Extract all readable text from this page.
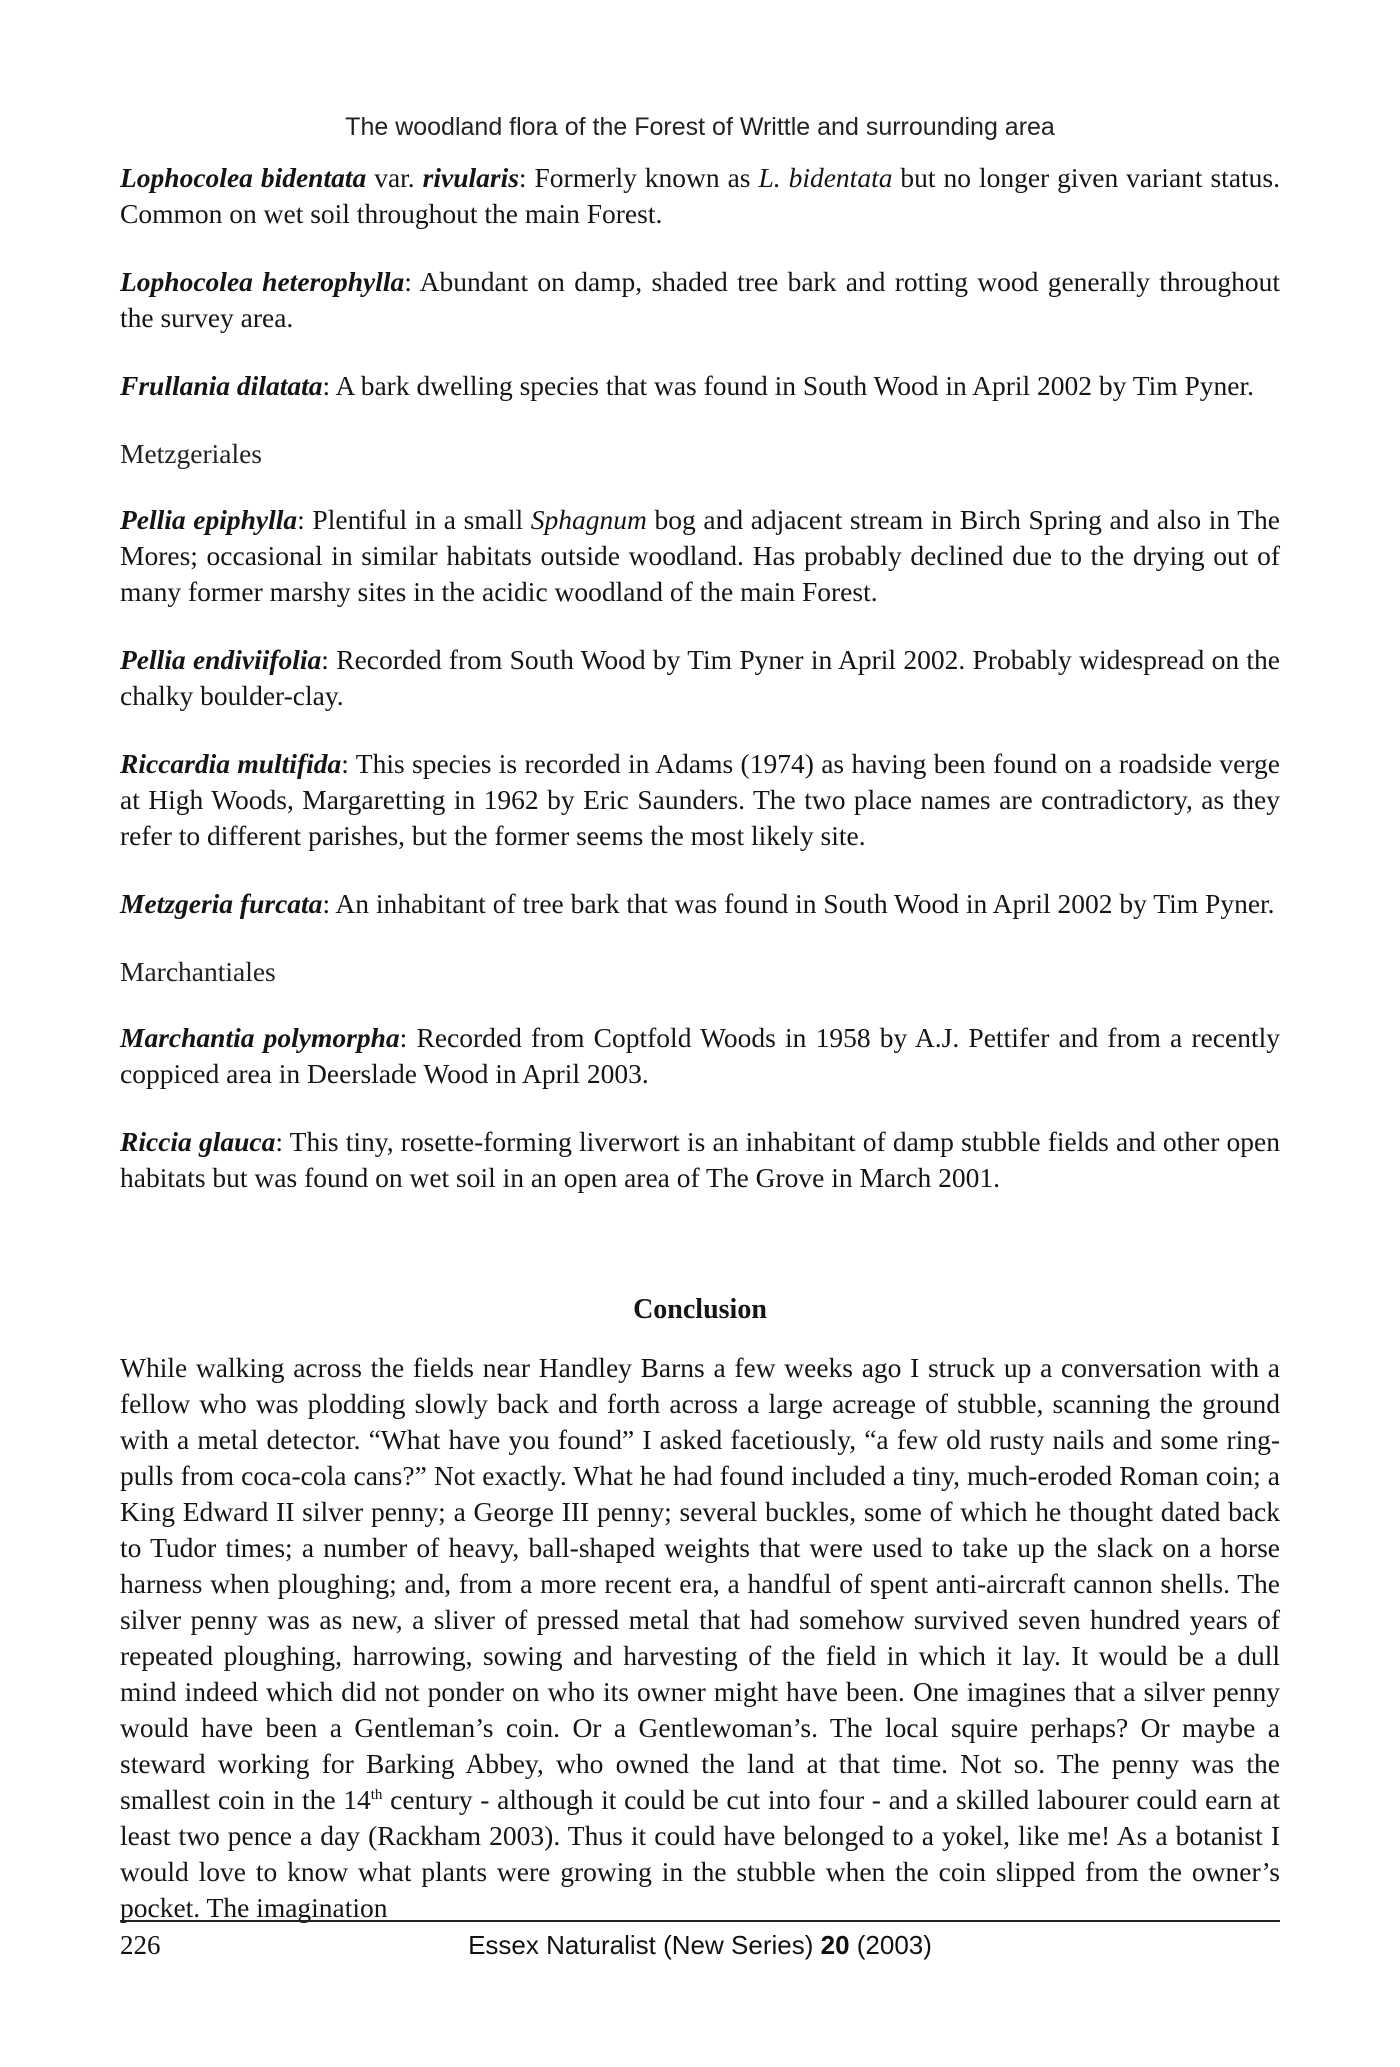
The woodland flora of the Forest of Writtle and surrounding area

Lophocolea bidentata var. rivularis: Formerly known as L. bidentata but no longer given variant status. Common on wet soil throughout the main Forest.

Lophocolea heterophylla: Abundant on damp, shaded tree bark and rotting wood generally throughout the survey area.

Frullania dilatata: A bark dwelling species that was found in South Wood in April 2002 by Tim Pyner.

Metzgeriales

Pellia epiphylla: Plentiful in a small Sphagnum bog and adjacent stream in Birch Spring and also in The Mores; occasional in similar habitats outside woodland. Has probably declined due to the drying out of many former marshy sites in the acidic woodland of the main Forest.

Pellia endiviifolia: Recorded from South Wood by Tim Pyner in April 2002. Probably widespread on the chalky boulder-clay.

Riccardia multifida: This species is recorded in Adams (1974) as having been found on a roadside verge at High Woods, Margaretting in 1962 by Eric Saunders. The two place names are contradictory, as they refer to different parishes, but the former seems the most likely site.

Metzgeria furcata: An inhabitant of tree bark that was found in South Wood in April 2002 by Tim Pyner.

Marchantiales

Marchantia polymorpha: Recorded from Coptfold Woods in 1958 by A.J. Pettifer and from a recently coppiced area in Deerslade Wood in April 2003.

Riccia glauca: This tiny, rosette-forming liverwort is an inhabitant of damp stubble fields and other open habitats but was found on wet soil in an open area of The Grove in March 2001.

Conclusion

While walking across the fields near Handley Barns a few weeks ago I struck up a conversation with a fellow who was plodding slowly back and forth across a large acreage of stubble, scanning the ground with a metal detector. “What have you found” I asked facetiously, “a few old rusty nails and some ring-pulls from coca-cola cans?” Not exactly. What he had found included a tiny, much-eroded Roman coin; a King Edward II silver penny; a George III penny; several buckles, some of which he thought dated back to Tudor times; a number of heavy, ball-shaped weights that were used to take up the slack on a horse harness when ploughing; and, from a more recent era, a handful of spent anti-aircraft cannon shells. The silver penny was as new, a sliver of pressed metal that had somehow survived seven hundred years of repeated ploughing, harrowing, sowing and harvesting of the field in which it lay. It would be a dull mind indeed which did not ponder on who its owner might have been. One imagines that a silver penny would have been a Gentleman’s coin. Or a Gentlewoman’s. The local squire perhaps? Or maybe a steward working for Barking Abbey, who owned the land at that time. Not so. The penny was the smallest coin in the 14th century - although it could be cut into four - and a skilled labourer could earn at least two pence a day (Rackham 2003). Thus it could have belonged to a yokel, like me! As a botanist I would love to know what plants were growing in the stubble when the coin slipped from the owner’s pocket. The imagination

226	Essex Naturalist (New Series) 20 (2003)
